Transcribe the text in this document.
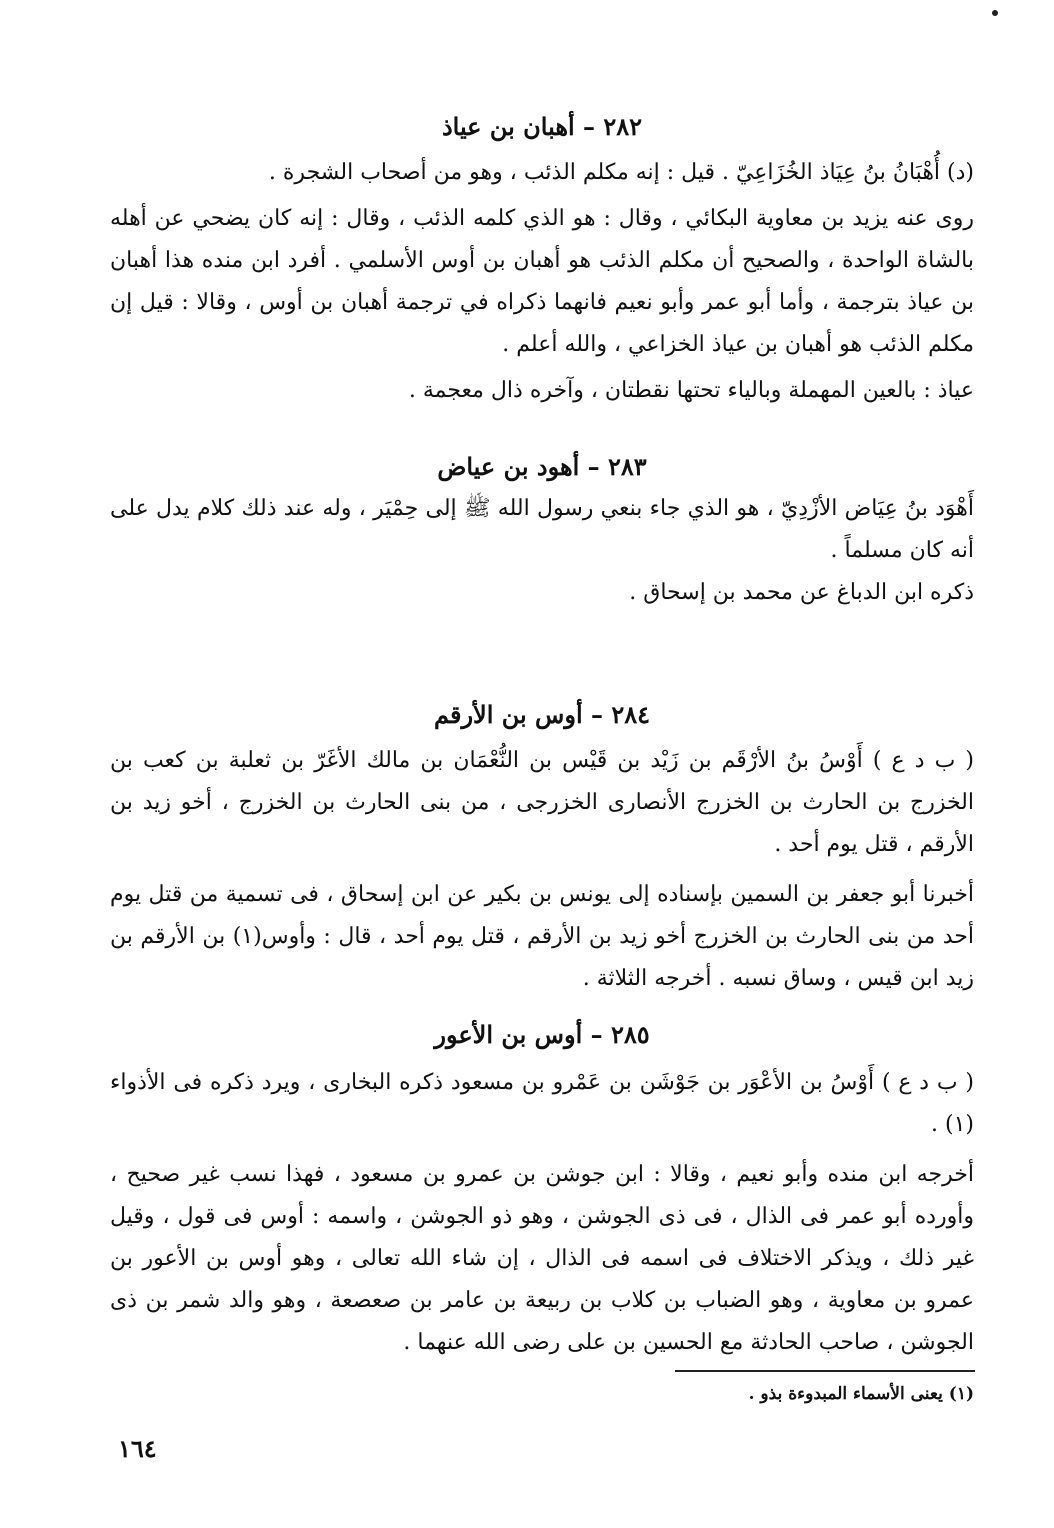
٢٨٢ – أهبان بن عياذ

(د) أُهْبَانُ بنُ عِيَاذ الخُزَاعِيّ . قيل : إنه مكلم الذئب ، وهو من أصحاب الشجرة .

روى عنه يزيد بن معاوية البكائي ، وقال : هو الذي كلمه الذئب ، وقال : إنه كان يضحي عن أهله بالشاة الواحدة ، والصحيح أن مكلم الذئب هو أهبان بن أوس الأسلمي . أفرد ابن منده هذا أهبان بن عياذ بترجمة ، وأما أبو عمر وأبو نعيم فانهما ذكراه في ترجمة أهبان بن أوس ، وقالا : قيل إن مكلم الذئب هو أهبان بن عياذ الخزاعي ، والله أعلم .

عياذ : بالعين المهملة وبالياء تحتها نقطتان ، وآخره ذال معجمة .

٢٨٣ – أهود بن عياض

أَهْوَد بنُ عِيَاض الأزْدِيّ ، هو الذي جاء بنعي رسول الله ﷺ إلى حِمْيَر ، وله عند ذلك كلام يدل على أنه كان مسلماً .

ذكره ابن الدباغ عن محمد بن إسحاق .

٢٨٤ – أوس بن الأرقم

( ب د ع ) أَوْسُ بنُ الأرْقَم بن زَيْد بن قَيْس بن النُّعْمَان بن مالك الأغَرّ بن ثعلبة بن كعب بن الخزرج بن الحارث بن الخزرج الأنصارى الخزرجى ، من بنى الحارث بن الخزرج ، أخو زيد بن الأرقم ، قتل يوم أحد .

أخبرنا أبو جعفر بن السمين بإسناده إلى يونس بن بكير عن ابن إسحاق ، فى تسمية من قتل يوم أحد من بنى الحارث بن الخزرج أخو زيد بن الأرقم ، قتل يوم أحد ، قال : وأوس(١) بن الأرقم بن زيد ابن قيس ، وساق نسبه . أخرجه الثلاثة .

٢٨٥ – أوس بن الأعور

( ب د ع ) أَوْسُ بن الأعْوَر بن جَوْشَن بن عَمْرو بن مسعود ذكره البخارى ، ويرد ذكره فى الأذواء (١) .

أخرجه ابن منده وأبو نعيم ، وقالا : ابن جوشن بن عمرو بن مسعود ، فهذا نسب غير صحيح ، وأورده أبو عمر فى الذال ، فى ذى الجوشن ، وهو ذو الجوشن ، واسمه : أوس فى قول ، وقيل غير ذلك ، ويذكر الاختلاف فى اسمه فى الذال ، إن شاء الله تعالى ، وهو أوس بن الأعور بن عمرو بن معاوية ، وهو الضباب بن كلاب بن ربيعة بن عامر بن صعصعة ، وهو والد شمر بن ذى الجوشن ، صاحب الحادثة مع الحسين بن على رضى الله عنهما .

(١) يعنى الأسماء المبدوءة بذو .
١٦٤
